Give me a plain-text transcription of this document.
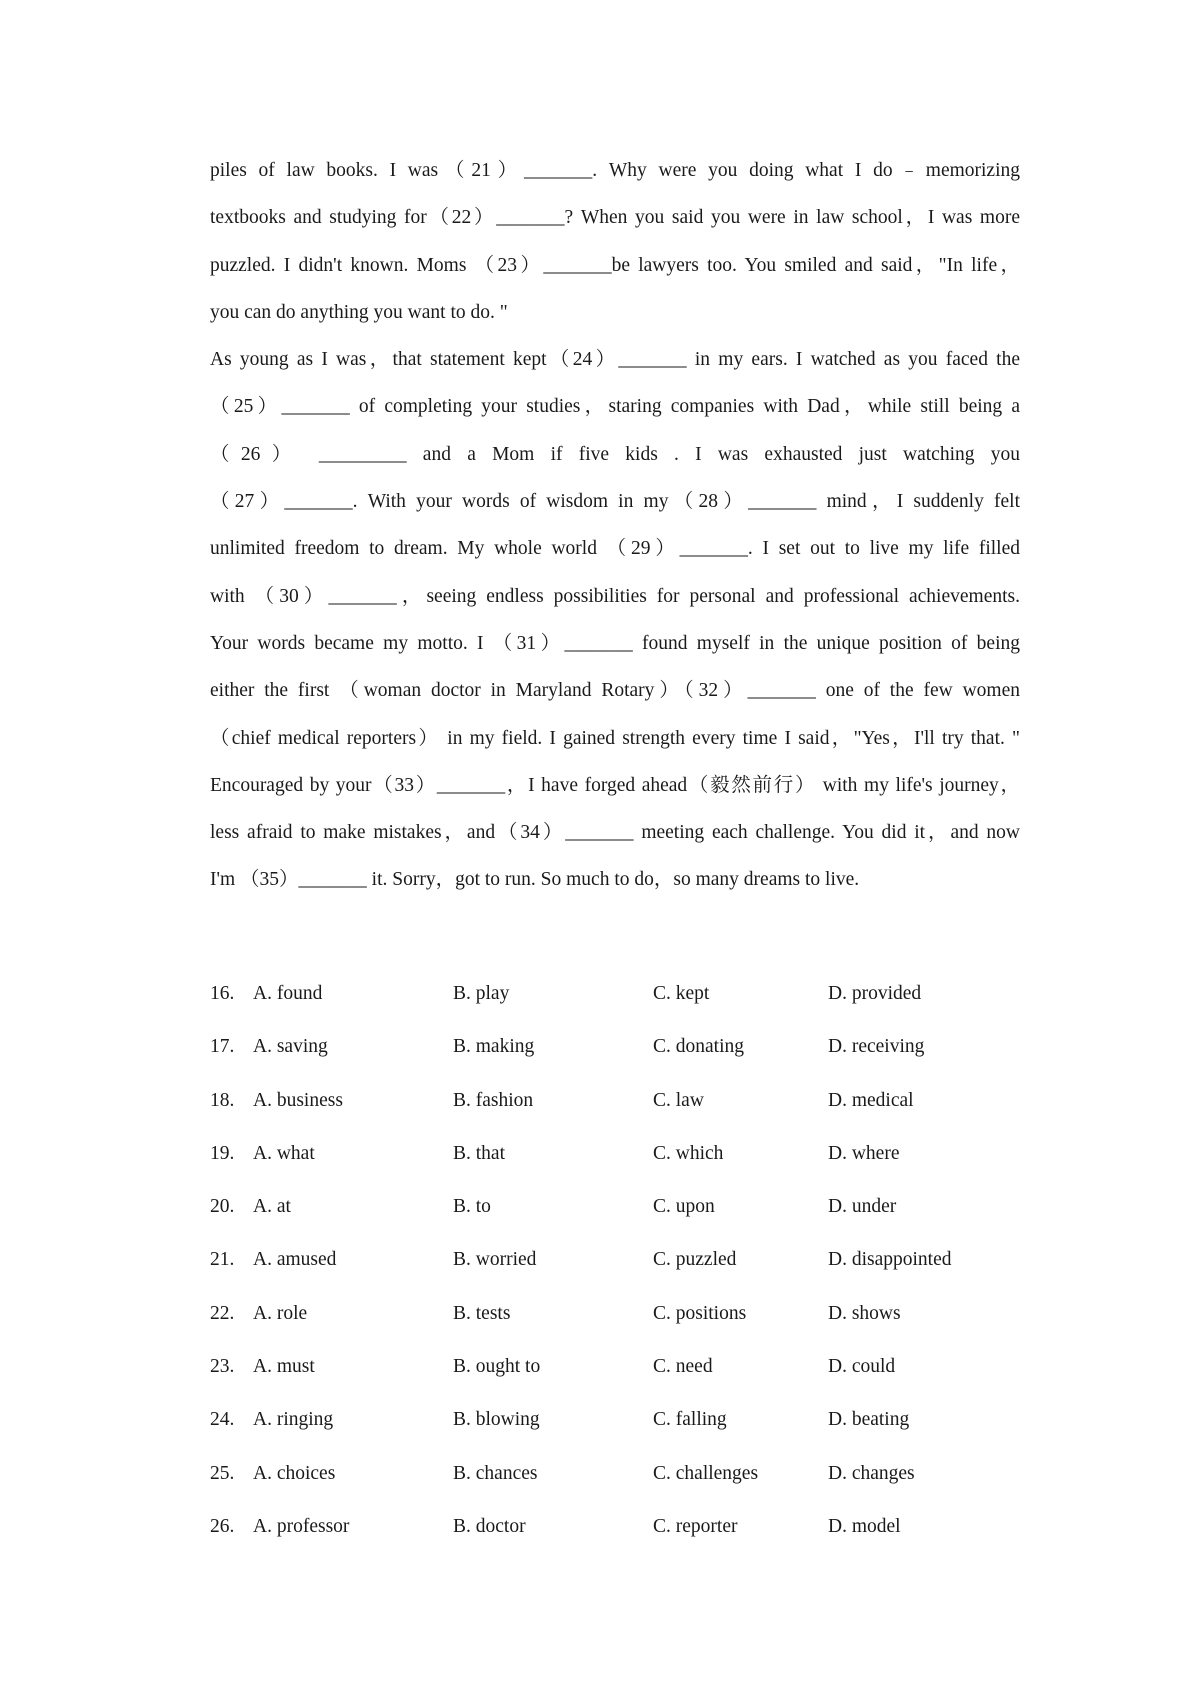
piles of law books. I was（21）_______. Why were you doing what I do﹣memorizing
textbooks and studying for（22）_______? When you said you were in law school，I was more
puzzled. I didn't known. Moms （23）_______be lawyers too. You smiled and said，"In life，
you can do anything you want to do. "
As young as I was，that statement kept（24）_______ in my ears. I watched as you faced the
（25）_______ of completing your studies，staring companies with Dad，while still being a
（26） _________ and a Mom if five kids . I was exhausted just watching you
（27）_______. With your words of wisdom in my（28）_______ mind，I suddenly felt
unlimited freedom to dream. My whole world （29）_______. I set out to live my life filled
with （30）_______，seeing endless possibilities for personal and professional achievements.
Your words became my motto. I （31）_______ found myself in the unique position of being
either the first （woman doctor in Maryland Rotary）（32）_______ one of the few women
（chief medical reporters） in my field. I gained strength every time I said，"Yes，I'll try that. "
Encouraged by your（33）_______，I have forged ahead（毅然前行） with my life's journey，
less afraid to make mistakes，and（34）_______ meeting each challenge. You did it，and now
I'm （35）_______ it. Sorry，got to run. So much to do，so many dreams to live.
16. A. found	B. play	C. kept	D. provided
17. A. saving	B. making	C. donating	D. receiving
18. A. business	B. fashion	C. law	D. medical
19. A. what	B. that	C. which	D. where
20. A. at	B. to	C. upon	D. under
21. A. amused	B. worried	C. puzzled	D. disappointed
22. A. role	B. tests	C. positions	D. shows
23. A. must	B. ought to	C. need	D. could
24. A. ringing	B. blowing	C. falling	D. beating
25. A. choices	B. chances	C. challenges	D. changes
26. A. professor	B. doctor	C. reporter	D. model
